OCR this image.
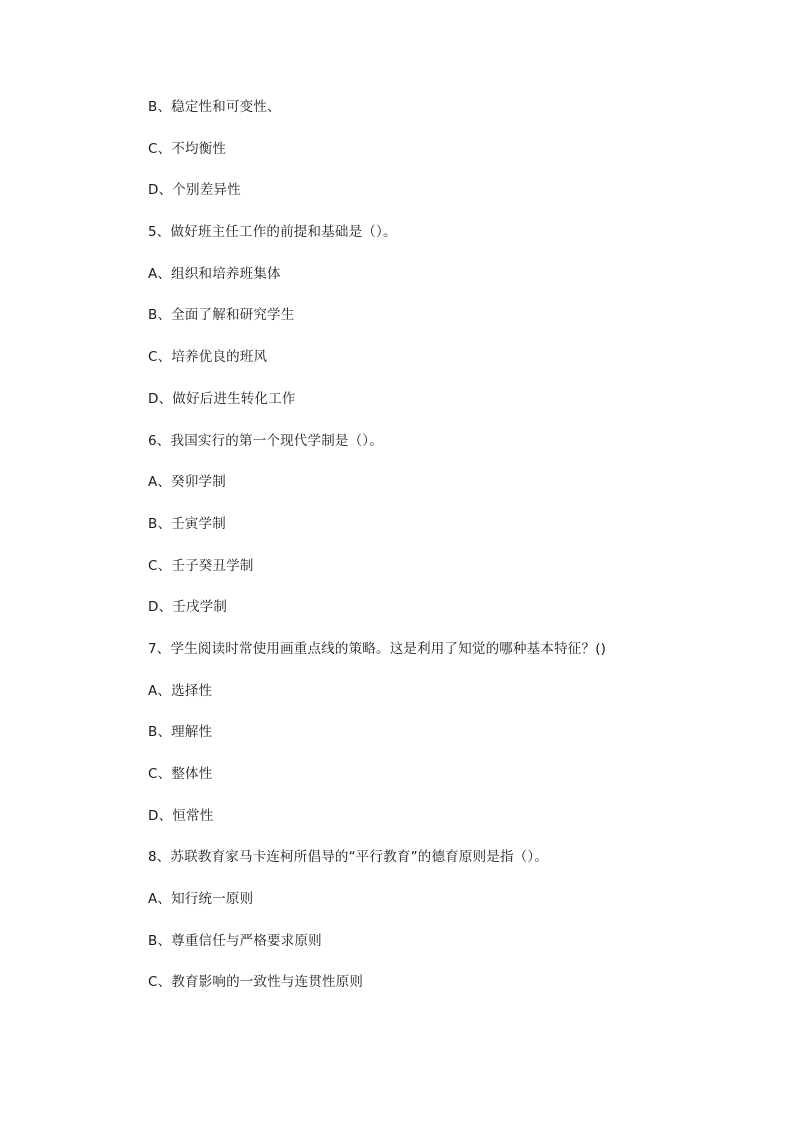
B、稳定性和可变性、
C、不均衡性
D、个别差异性
5、做好班主任工作的前提和基础是（）。
A、组织和培养班集体
B、全面了解和研究学生
C、培养优良的班风
D、做好后进生转化工作
6、我国实行的第一个现代学制是（）。
A、癸卯学制
B、壬寅学制
C、壬子癸丑学制
D、壬戌学制
7、学生阅读时常使用画重点线的策略。这是利用了知觉的哪种基本特征？()
A、选择性
B、理解性
C、整体性
D、恒常性
8、苏联教育家马卡连柯所倡导的“平行教育”的德育原则是指（）。
A、知行统一原则
B、尊重信任与严格要求原则
C、教育影响的一致性与连贯性原则
